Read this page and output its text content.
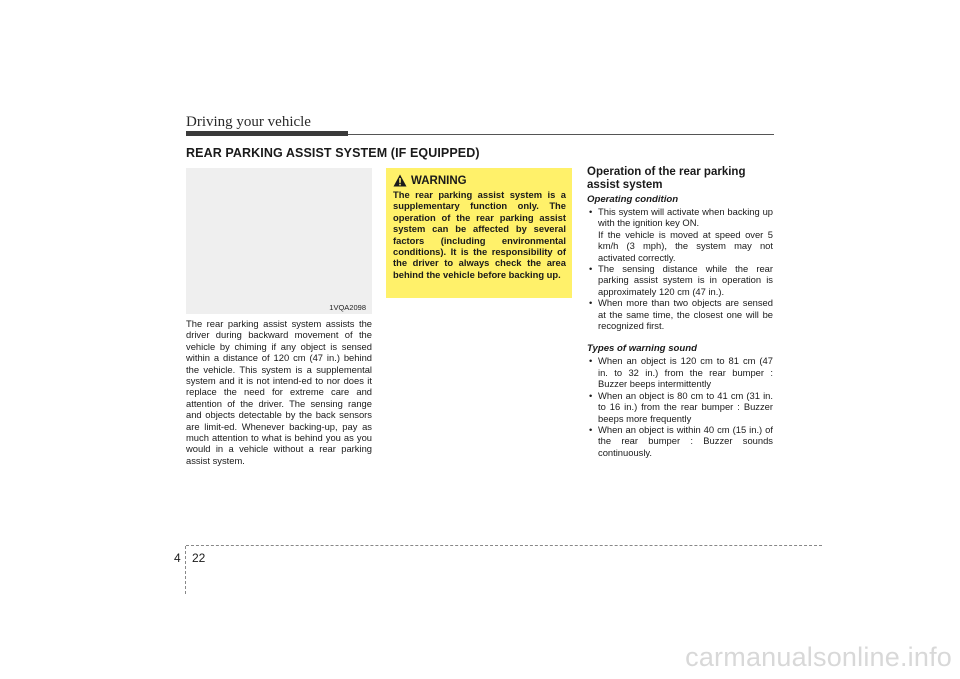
Driving your vehicle
REAR PARKING ASSIST SYSTEM (IF EQUIPPED)
1VQA2098
The rear parking assist system assists the driver during backward movement of the vehicle by chiming if any object is sensed within a distance of 120 cm (47 in.) behind the vehicle. This system is a supplemental system and it is not intend-ed to nor does it replace the need for extreme care and attention of the driver. The sensing range and objects detectable by the back sensors are limit-ed. Whenever backing-up, pay as much attention to what is behind you as you would in a vehicle without a rear parking assist system.
WARNING
The rear parking assist system is a supplementary function only. The operation of the rear parking assist system can be affected by several factors (including environmental conditions). It is the responsibility of the driver to always check the area behind the vehicle before backing up.
Operation of the rear parking assist system

Operating condition

• This system will activate when backing up with the ignition key ON.
If the vehicle is moved at speed over 5 km/h (3 mph), the system may not activated correctly.
• The sensing distance while the rear parking assist system is in operation is approximately 120 cm (47 in.).
• When more than two objects are sensed at the same time, the closest one will be recognized first.

Types of warning sound

• When an object is 120 cm to 81 cm (47 in. to 32 in.) from the rear bumper : Buzzer beeps intermittently
• When an object is 80 cm to 41 cm (31 in. to 16 in.) from the rear bumper : Buzzer beeps more frequently
• When an object is within 40 cm (15 in.) of the rear bumper : Buzzer sounds continuously.
4 22
carmanualsonline.info
